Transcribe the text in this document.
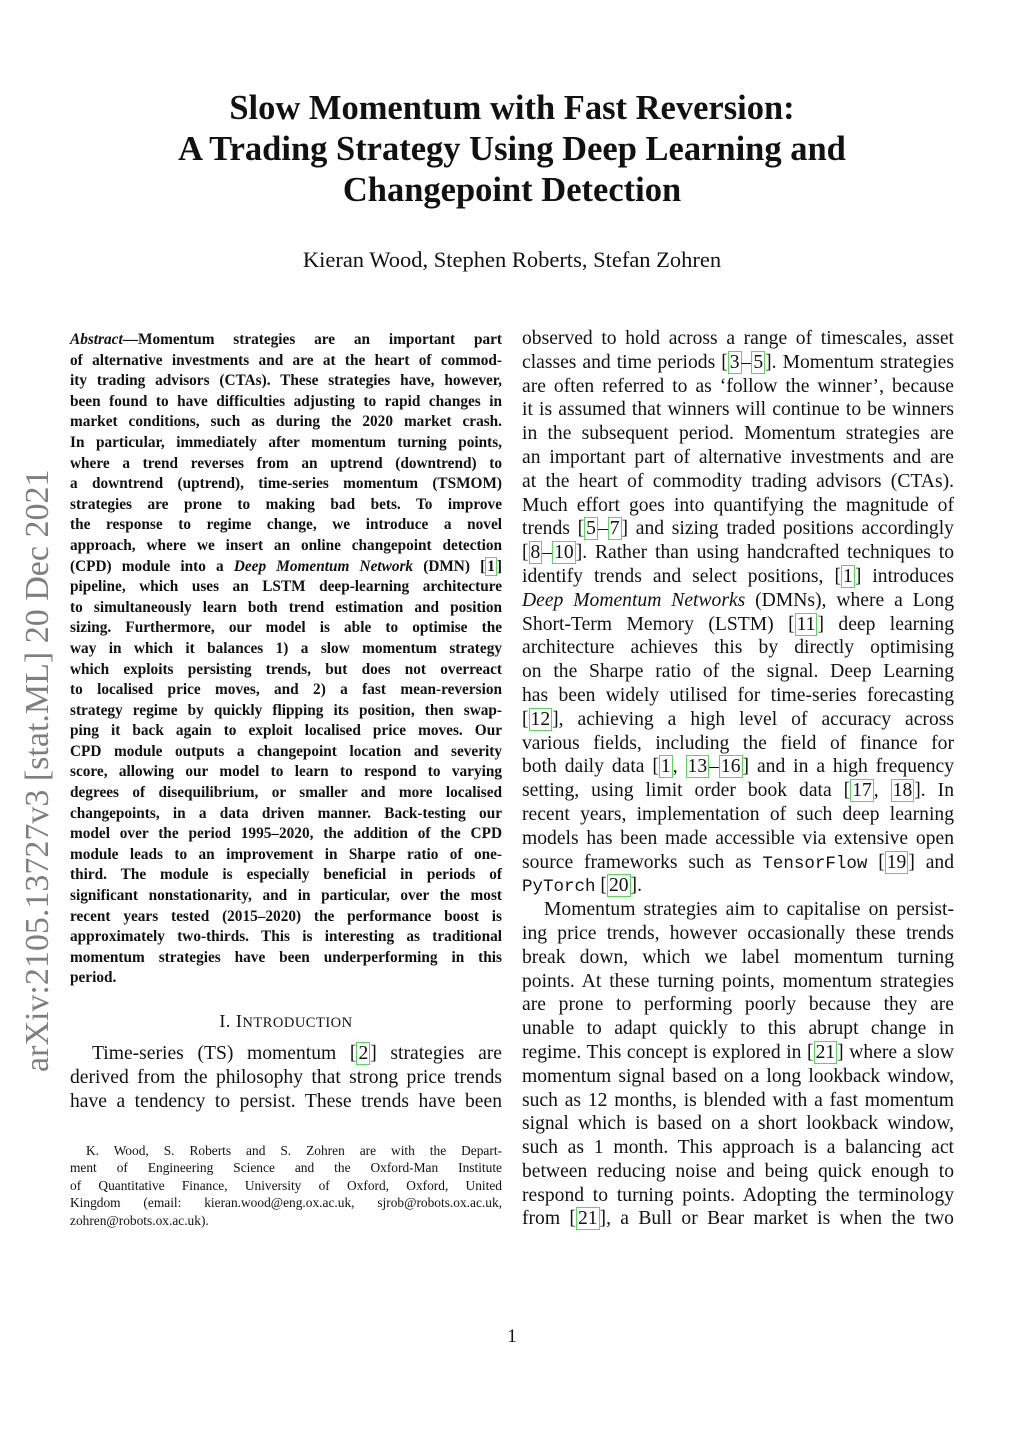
arXiv:2105.13727v3 [stat.ML] 20 Dec 2021
Slow Momentum with Fast Reversion:
A Trading Strategy Using Deep Learning and
Changepoint Detection
Kieran Wood, Stephen Roberts, Stefan Zohren
Abstract—Momentum strategies are an important part
of alternative investments and are at the heart of commod-
ity trading advisors (CTAs). These strategies have, however,
been found to have difficulties adjusting to rapid changes in
market conditions, such as during the 2020 market crash.
In particular, immediately after momentum turning points,
where a trend reverses from an uptrend (downtrend) to
a downtrend (uptrend), time-series momentum (TSMOM)
strategies are prone to making bad bets. To improve
the response to regime change, we introduce a novel
approach, where we insert an online changepoint detection
(CPD) module into a Deep Momentum Network (DMN) [ 1 ]
pipeline, which uses an LSTM deep-learning architecture
to simultaneously learn both trend estimation and position
sizing. Furthermore, our model is able to optimise the
way in which it balances 1) a slow momentum strategy
which exploits persisting trends, but does not overreact
to localised price moves, and 2) a fast mean-reversion
strategy regime by quickly flipping its position, then swap-
ping it back again to exploit localised price moves. Our
CPD module outputs a changepoint location and severity
score, allowing our model to learn to respond to varying
degrees of disequilibrium, or smaller and more localised
changepoints, in a data driven manner. Back-testing our
model over the period 1995–2020, the addition of the CPD
module leads to an improvement in Sharpe ratio of one-
third. The module is especially beneficial in periods of
significant nonstationarity, and in particular, over the most
recent years tested (2015–2020) the performance boost is
approximately two-thirds. This is interesting as traditional
momentum strategies have been underperforming in this
period.
I. INTRODUCTION
Time-series (TS) momentum [ 2 ] strategies are
derived from the philosophy that strong price trends
have a tendency to persist. These trends have been
K. Wood, S. Roberts and S. Zohren are with the Depart-
ment of Engineering Science and the Oxford-Man Institute
of Quantitative Finance, University of Oxford, Oxford, United
Kingdom (email: kieran.wood@eng.ox.ac.uk, sjrob@robots.ox.ac.uk,
zohren@robots.ox.ac.uk).
observed to hold across a range of timescales, asset
classes and time periods [ 3 – 5 ]. Momentum strategies
are often referred to as ‘follow the winner’, because
it is assumed that winners will continue to be winners
in the subsequent period. Momentum strategies are
an important part of alternative investments and are
at the heart of commodity trading advisors (CTAs).
Much effort goes into quantifying the magnitude of
trends [ 5 – 7 ] and sizing traded positions accordingly
[ 8 – 10 ]. Rather than using handcrafted techniques to
identify trends and select positions, [ 1 ] introduces
Deep Momentum Networks (DMNs), where a Long
Short-Term Memory (LSTM) [ 11 ] deep learning
architecture achieves this by directly optimising
on the Sharpe ratio of the signal. Deep Learning
has been widely utilised for time-series forecasting
[ 12 ], achieving a high level of accuracy across
various fields, including the field of finance for
both daily data [ 1 , 13 – 16 ] and in a high frequency
setting, using limit order book data [ 17 , 18 ]. In
recent years, implementation of such deep learning
models has been made accessible via extensive open
source frameworks such as TensorFlow [ 19 ] and
PyTorch [ 20 ].
Momentum strategies aim to capitalise on persist-
ing price trends, however occasionally these trends
break down, which we label momentum turning
points. At these turning points, momentum strategies
are prone to performing poorly because they are
unable to adapt quickly to this abrupt change in
regime. This concept is explored in [ 21 ] where a slow
momentum signal based on a long lookback window,
such as 12 months, is blended with a fast momentum
signal which is based on a short lookback window,
such as 1 month. This approach is a balancing act
between reducing noise and being quick enough to
respond to turning points. Adopting the terminology
from [ 21 ], a Bull or Bear market is when the two
1
